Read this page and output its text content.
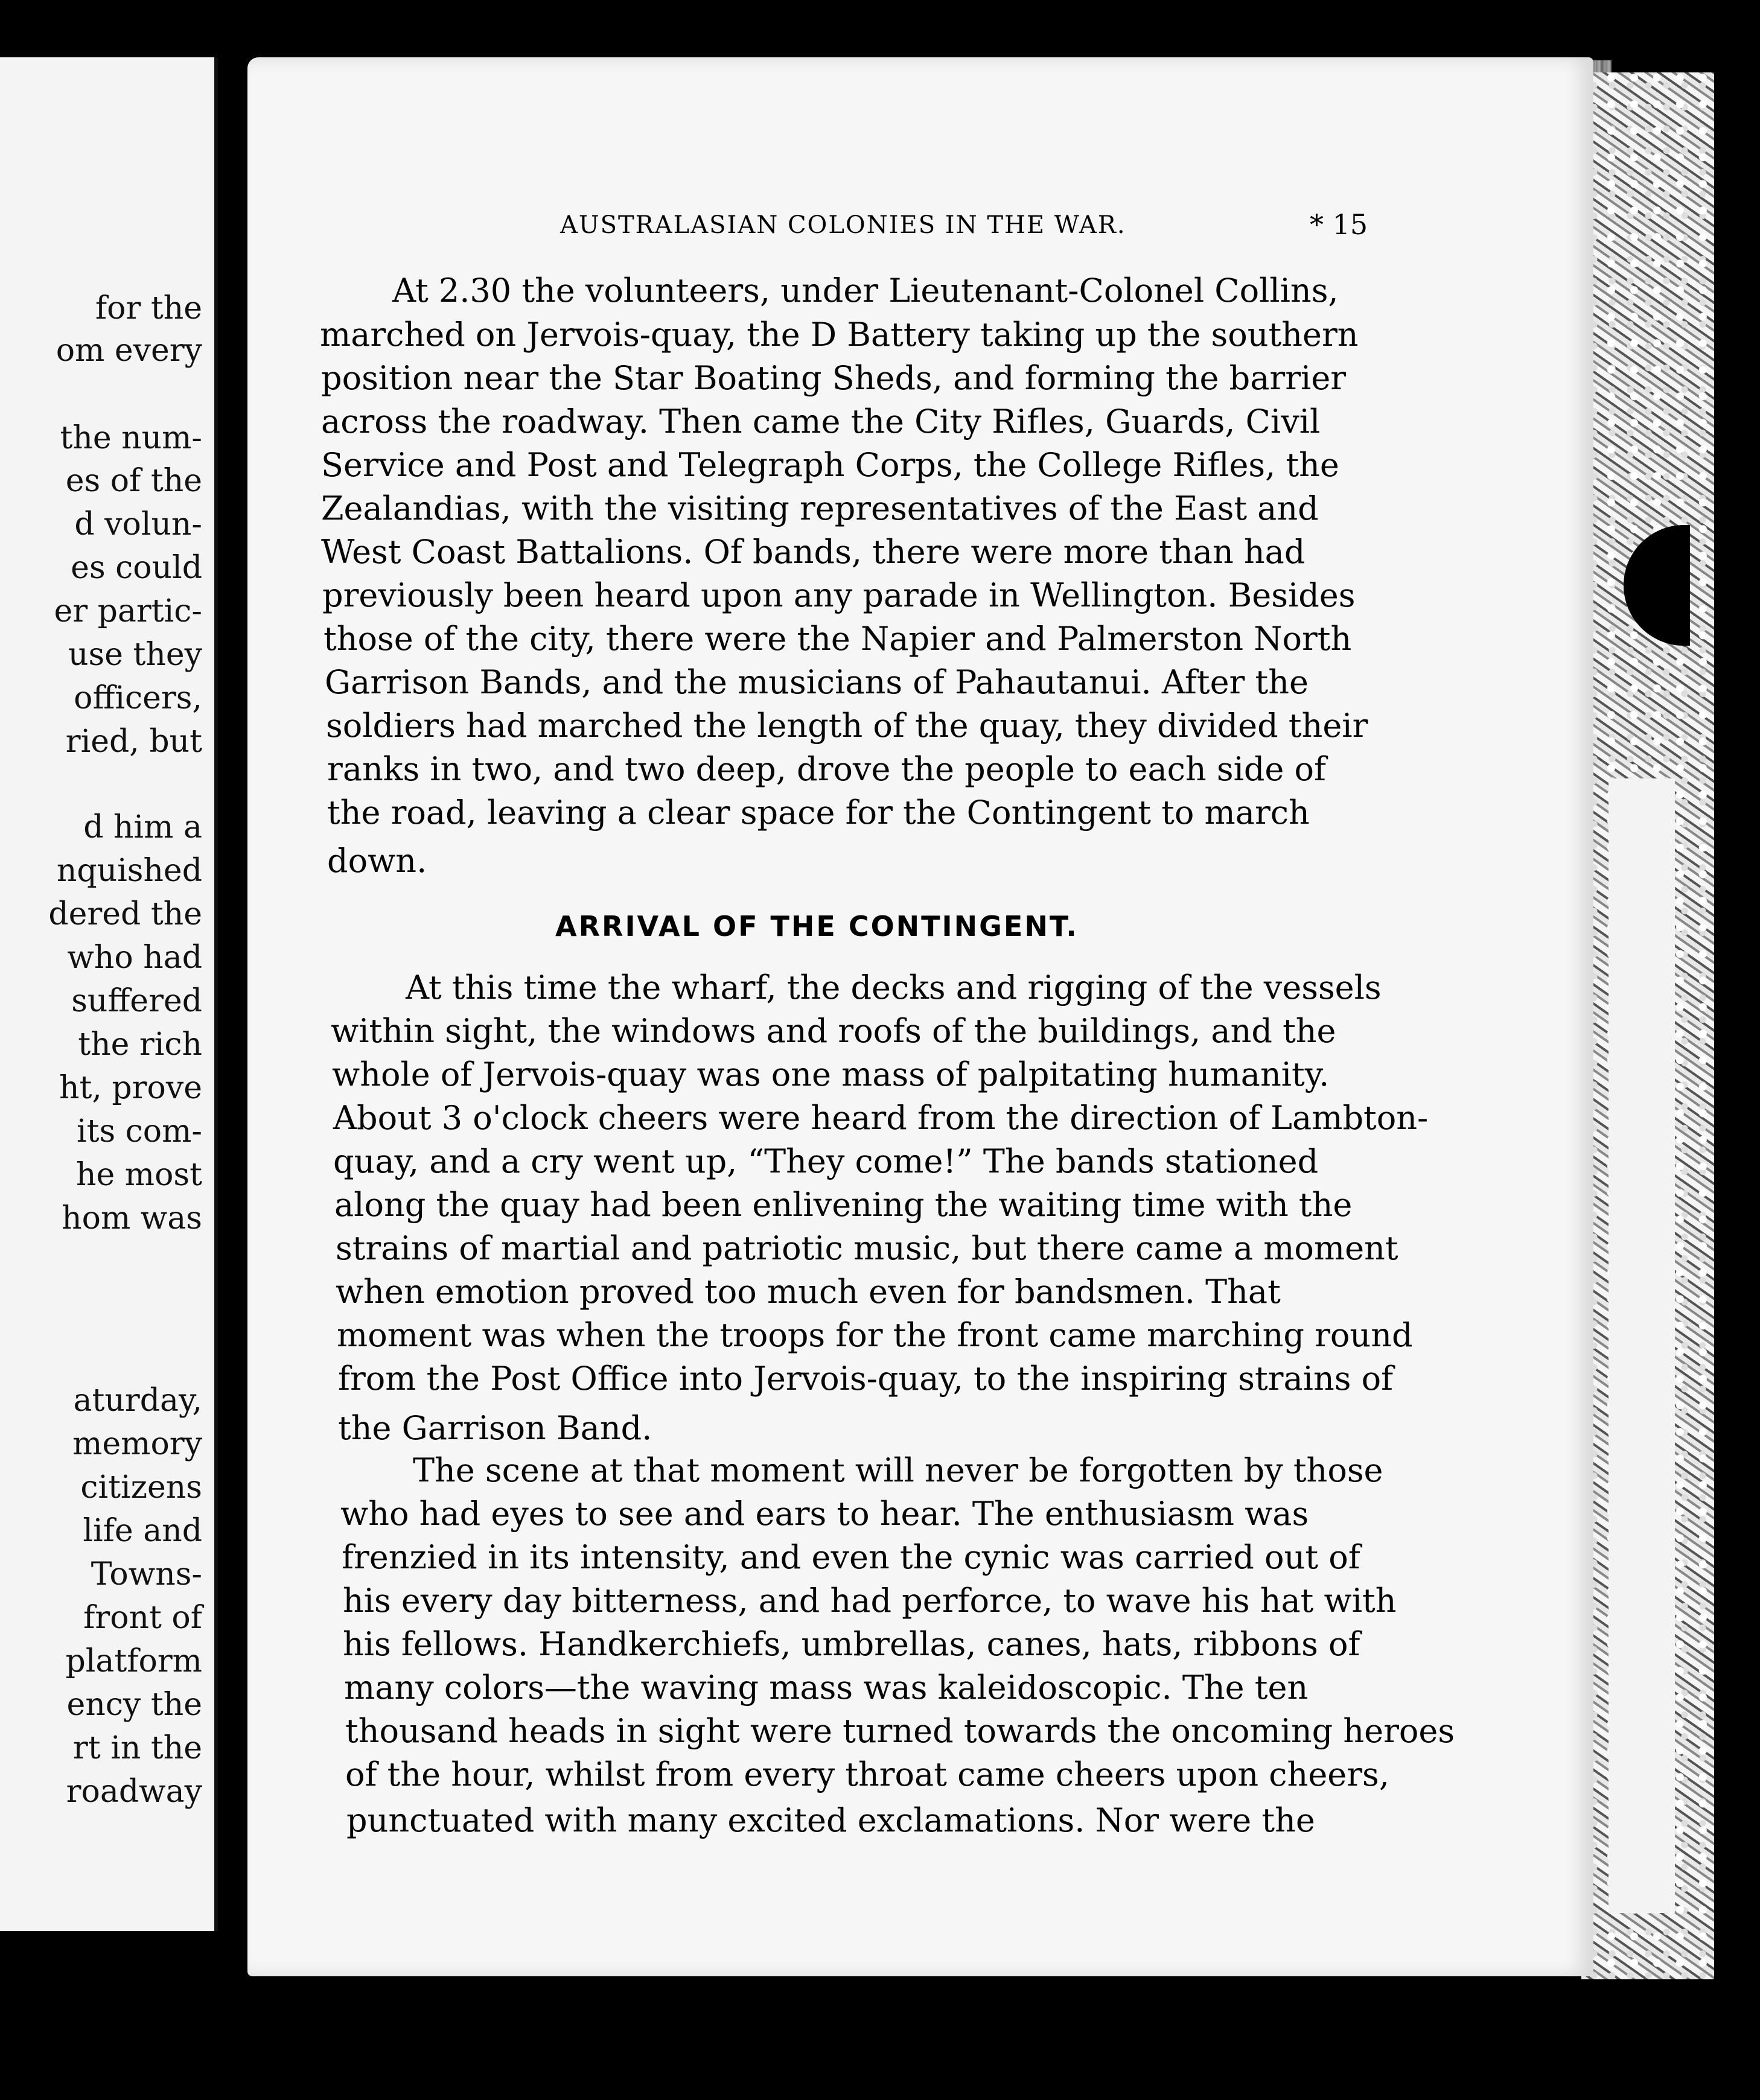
for the
om every
the num-
es of the
d volun-
es could
er partic-
use they
officers,
ried, but
d him a
nquished
dered the
who had
suffered
the rich
ht, prove
its com-
he most
hom was
aturday,
memory
citizens
life and
Towns-
front of
platform
ency the
rt in the
roadway
AUSTRALASIAN COLONIES IN THE WAR.	* 15
At 2.30 the volunteers, under Lieutenant-Colonel Collins,
marched on Jervois-quay, the D Battery taking up the southern
position near the Star Boating Sheds, and forming the barrier
across the roadway. Then came the City Rifles, Guards, Civil
Service and Post and Telegraph Corps, the College Rifles, the
Zealandias, with the visiting representatives of the East and
West Coast Battalions. Of bands, there were more than had
previously been heard upon any parade in Wellington. Besides
those of the city, there were the Napier and Palmerston North
Garrison Bands, and the musicians of Pahautanui. After the
soldiers had marched the length of the quay, they divided their
ranks in two, and two deep, drove the people to each side of
the road, leaving a clear space for the Contingent to march
down.
ARRIVAL OF THE CONTINGENT.
At this time the wharf, the decks and rigging of the vessels
within sight, the windows and roofs of the buildings, and the
whole of Jervois-quay was one mass of palpitating humanity.
About 3 o'clock cheers were heard from the direction of Lambton-
quay, and a cry went up, “They come!” The bands stationed
along the quay had been enlivening the waiting time with the
strains of martial and patriotic music, but there came a moment
when emotion proved too much even for bandsmen. That
moment was when the troops for the front came marching round
from the Post Office into Jervois-quay, to the inspiring strains of
the Garrison Band.
The scene at that moment will never be forgotten by those
who had eyes to see and ears to hear. The enthusiasm was
frenzied in its intensity, and even the cynic was carried out of
his every day bitterness, and had perforce, to wave his hat with
his fellows. Handkerchiefs, umbrellas, canes, hats, ribbons of
many colors—the waving mass was kaleidoscopic. The ten
thousand heads in sight were turned towards the oncoming heroes
of the hour, whilst from every throat came cheers upon cheers,
punctuated with many excited exclamations. Nor were the
